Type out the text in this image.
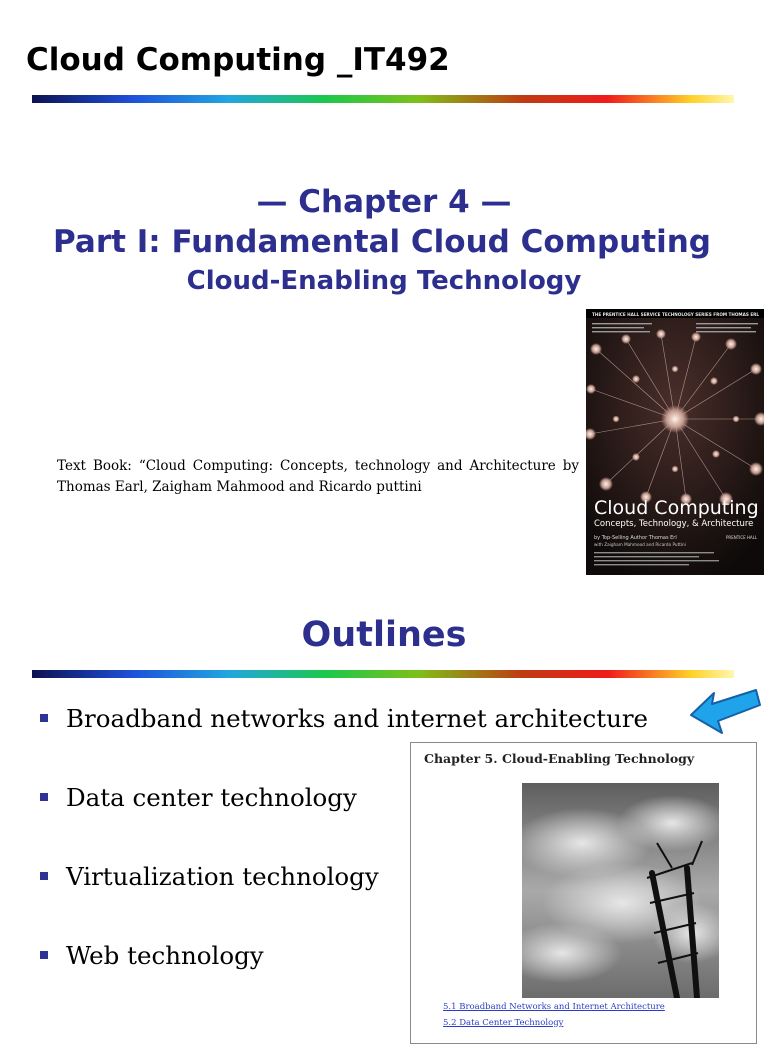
Cloud Computing _IT492
— Chapter 4 —
Part I: Fundamental Cloud Computing
Cloud-Enabling Technology

Text Book: “Cloud Computing: Concepts, technology and Architecture by Thomas Earl, Zaigham Mahmood and Ricardo puttini

THE PRENTICE HALL SERVICE TECHNOLOGY SERIES FROM THOMAS ERL
Cloud Computing
Concepts, Technology, & Architecture
by Top-Selling Author Thomas Erl
with Zaigham Mahmood and Ricardo Puttini
PRENTICE HALL
Outlines
Broadband networks and internet architecture
Data center technology
Virtualization technology
Web technology

Chapter 5. Cloud-Enabling Technology

5.1 Broadband Networks and Internet Architecture
5.2 Data Center Technology
